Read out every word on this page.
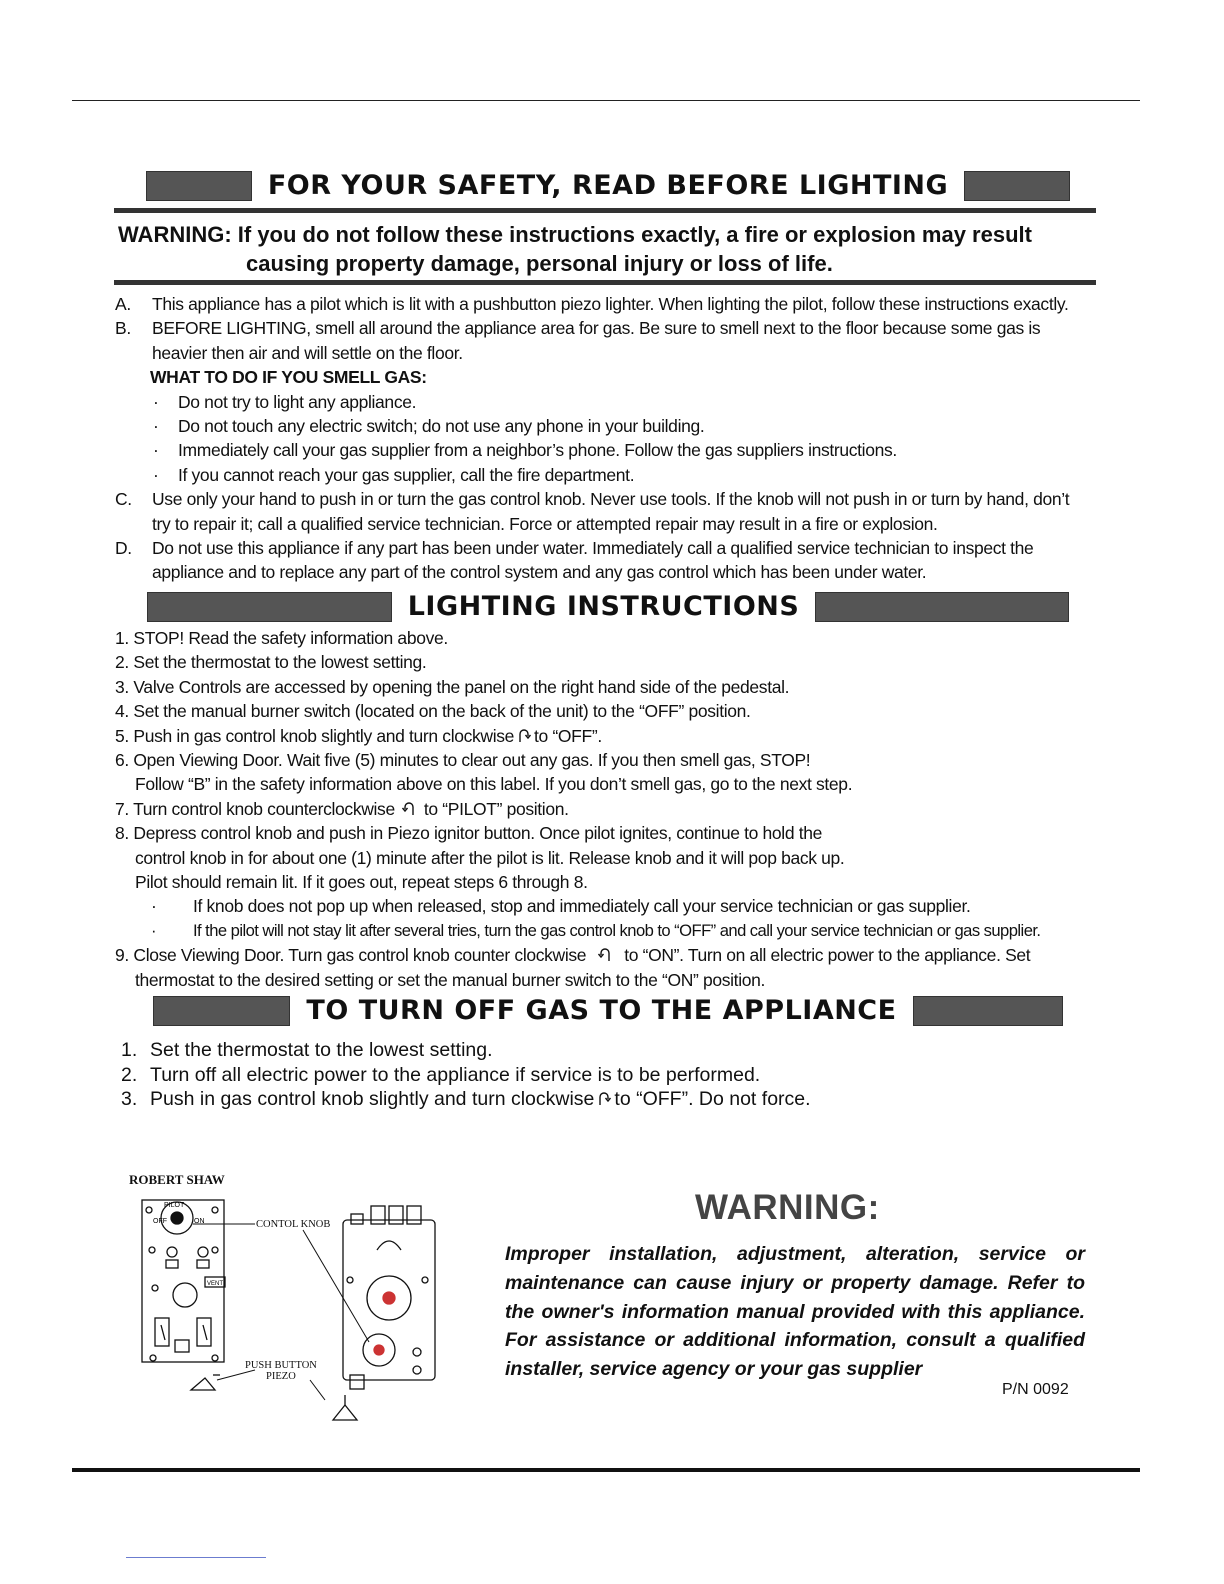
FOR YOUR SAFETY, READ BEFORE LIGHTING
WARNING: If you do not follow these instructions exactly, a fire or explosion may result
causing property damage, personal injury or loss of life.
A.	This appliance has a pilot which is lit with a pushbutton piezo lighter. When lighting the pilot, follow these instructions exactly.
B.	BEFORE LIGHTING, smell all around the appliance area for gas. Be sure to smell next to the floor because some gas is
heavier then air and will settle on the floor.
WHAT TO DO IF YOU SMELL GAS:
· Do not try to light any appliance.
· Do not touch any electric switch; do not use any phone in your building.
· Immediately call your gas supplier from a neighbor’s phone. Follow the gas suppliers instructions.
· If you cannot reach your gas supplier, call the fire department.
C.	Use only your hand to push in or turn the gas control knob. Never use tools. If the knob will not push in or turn by hand, don’t
try to repair it; call a qualified service technician. Force or attempted repair may result in a fire or explosion.
D.	Do not use this appliance if any part has been under water. Immediately call a qualified service technician to inspect the
appliance and to replace any part of the control system and any gas control which has been under water.
LIGHTING INSTRUCTIONS
1. STOP! Read the safety information above.
2. Set the thermostat to the lowest setting.
3. Valve Controls are accessed by opening the panel on the right hand side of the pedestal.
4. Set the manual burner switch (located on the back of the unit) to the “OFF” position.
5. Push in gas control knob slightly and turn clockwise to “OFF”.
6. Open Viewing Door. Wait five (5) minutes to clear out any gas. If you then smell gas, STOP!
Follow “B” in the safety information above on this label. If you don’t smell gas, go to the next step.
7. Turn control knob counterclockwise to “PILOT” position.
8. Depress control knob and push in Piezo ignitor button. Once pilot ignites, continue to hold the
control knob in for about one (1) minute after the pilot is lit. Release knob and it will pop back up.
Pilot should remain lit. If it goes out, repeat steps 6 through 8.
· If knob does not pop up when released, stop and immediately call your service technician or gas supplier.
· If the pilot will not stay lit after several tries, turn the gas control knob to “OFF” and call your service technician or gas supplier.
9. Close Viewing Door. Turn gas control knob counter clockwise to “ON”. Turn on all electric power to the appliance. Set
thermostat to the desired setting or set the manual burner switch to the “ON” position.
TO TURN OFF GAS TO THE APPLIANCE
1. Set the thermostat to the lowest setting.
2. Turn off all electric power to the appliance if service is to be performed.
3. Push in gas control knob slightly and turn clockwise to “OFF”. Do not force.
ROBERT SHAW
PILOT
OFF	ON
VENT
CONTOL KNOB
PUSH BUTTON
PIEZO
WARNING:
Improper installation, adjustment, alteration, service or maintenance can cause injury or property damage. Refer to the owner's information manual provided with this appliance. For assistance or additional information, consult a qualified installer, service agency or your gas supplier
P/N 0092
